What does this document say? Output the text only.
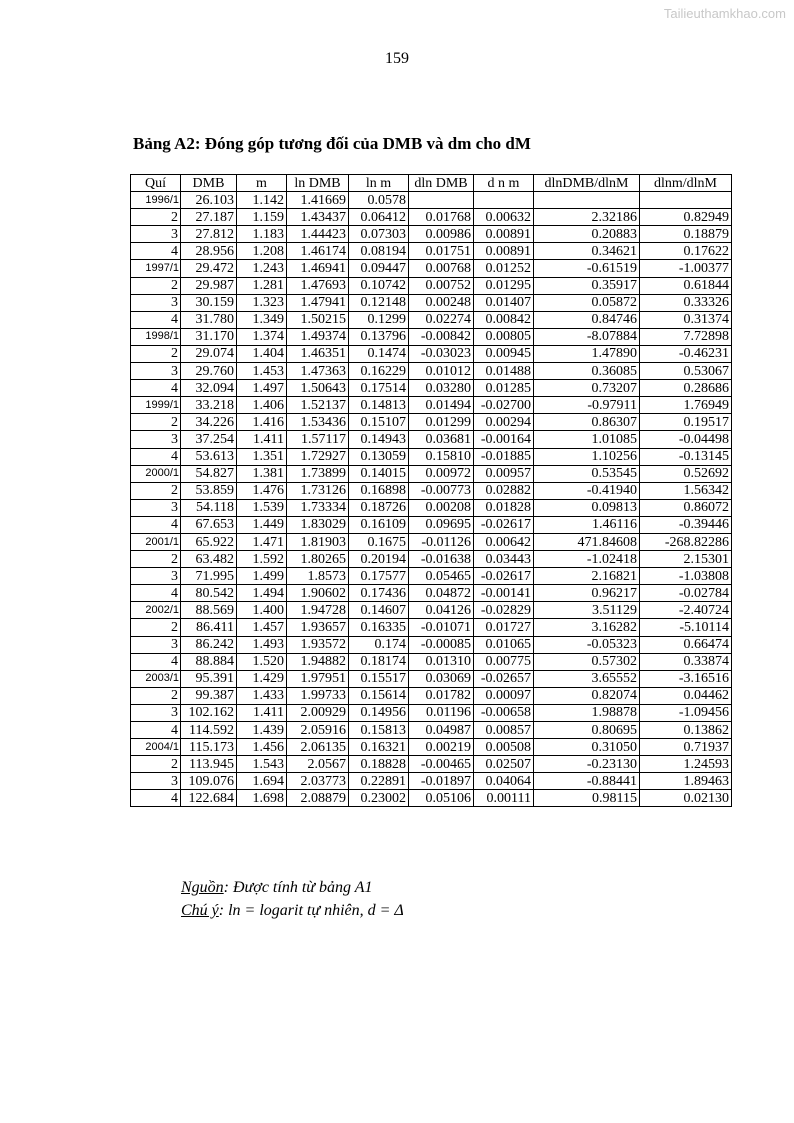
Tailieuthamkhao.com
159
Bảng A2: Đóng góp tương đối của DMB và dm cho dM
Quí	DMB	m	ln DMB	ln m	dln DMB	d n m	dlnDMB/dlnM	dlnm/dlnM
1996/1	26.103	1.142	1.41669	0.0578				
2	27.187	1.159	1.43437	0.06412	0.01768	0.00632	2.32186	0.82949
3	27.812	1.183	1.44423	0.07303	0.00986	0.00891	0.20883	0.18879
4	28.956	1.208	1.46174	0.08194	0.01751	0.00891	0.34621	0.17622
1997/1	29.472	1.243	1.46941	0.09447	0.00768	0.01252	-0.61519	-1.00377
2	29.987	1.281	1.47693	0.10742	0.00752	0.01295	0.35917	0.61844
3	30.159	1.323	1.47941	0.12148	0.00248	0.01407	0.05872	0.33326
4	31.780	1.349	1.50215	0.1299	0.02274	0.00842	0.84746	0.31374
1998/1	31.170	1.374	1.49374	0.13796	-0.00842	0.00805	-8.07884	7.72898
2	29.074	1.404	1.46351	0.1474	-0.03023	0.00945	1.47890	-0.46231
3	29.760	1.453	1.47363	0.16229	0.01012	0.01488	0.36085	0.53067
4	32.094	1.497	1.50643	0.17514	0.03280	0.01285	0.73207	0.28686
1999/1	33.218	1.406	1.52137	0.14813	0.01494	-0.02700	-0.97911	1.76949
2	34.226	1.416	1.53436	0.15107	0.01299	0.00294	0.86307	0.19517
3	37.254	1.411	1.57117	0.14943	0.03681	-0.00164	1.01085	-0.04498
4	53.613	1.351	1.72927	0.13059	0.15810	-0.01885	1.10256	-0.13145
2000/1	54.827	1.381	1.73899	0.14015	0.00972	0.00957	0.53545	0.52692
2	53.859	1.476	1.73126	0.16898	-0.00773	0.02882	-0.41940	1.56342
3	54.118	1.539	1.73334	0.18726	0.00208	0.01828	0.09813	0.86072
4	67.653	1.449	1.83029	0.16109	0.09695	-0.02617	1.46116	-0.39446
2001/1	65.922	1.471	1.81903	0.1675	-0.01126	0.00642	471.84608	-268.82286
2	63.482	1.592	1.80265	0.20194	-0.01638	0.03443	-1.02418	2.15301
3	71.995	1.499	1.8573	0.17577	0.05465	-0.02617	2.16821	-1.03808
4	80.542	1.494	1.90602	0.17436	0.04872	-0.00141	0.96217	-0.02784
2002/1	88.569	1.400	1.94728	0.14607	0.04126	-0.02829	3.51129	-2.40724
2	86.411	1.457	1.93657	0.16335	-0.01071	0.01727	3.16282	-5.10114
3	86.242	1.493	1.93572	0.174	-0.00085	0.01065	-0.05323	0.66474
4	88.884	1.520	1.94882	0.18174	0.01310	0.00775	0.57302	0.33874
2003/1	95.391	1.429	1.97951	0.15517	0.03069	-0.02657	3.65552	-3.16516
2	99.387	1.433	1.99733	0.15614	0.01782	0.00097	0.82074	0.04462
3	102.162	1.411	2.00929	0.14956	0.01196	-0.00658	1.98878	-1.09456
4	114.592	1.439	2.05916	0.15813	0.04987	0.00857	0.80695	0.13862
2004/1	115.173	1.456	2.06135	0.16321	0.00219	0.00508	0.31050	0.71937
2	113.945	1.543	2.0567	0.18828	-0.00465	0.02507	-0.23130	1.24593
3	109.076	1.694	2.03773	0.22891	-0.01897	0.04064	-0.88441	1.89463
4	122.684	1.698	2.08879	0.23002	0.05106	0.00111	0.98115	0.02130
Nguồn: Được tính từ bảng A1
Chú ý: ln = logarit tự nhiên, d = Δ
